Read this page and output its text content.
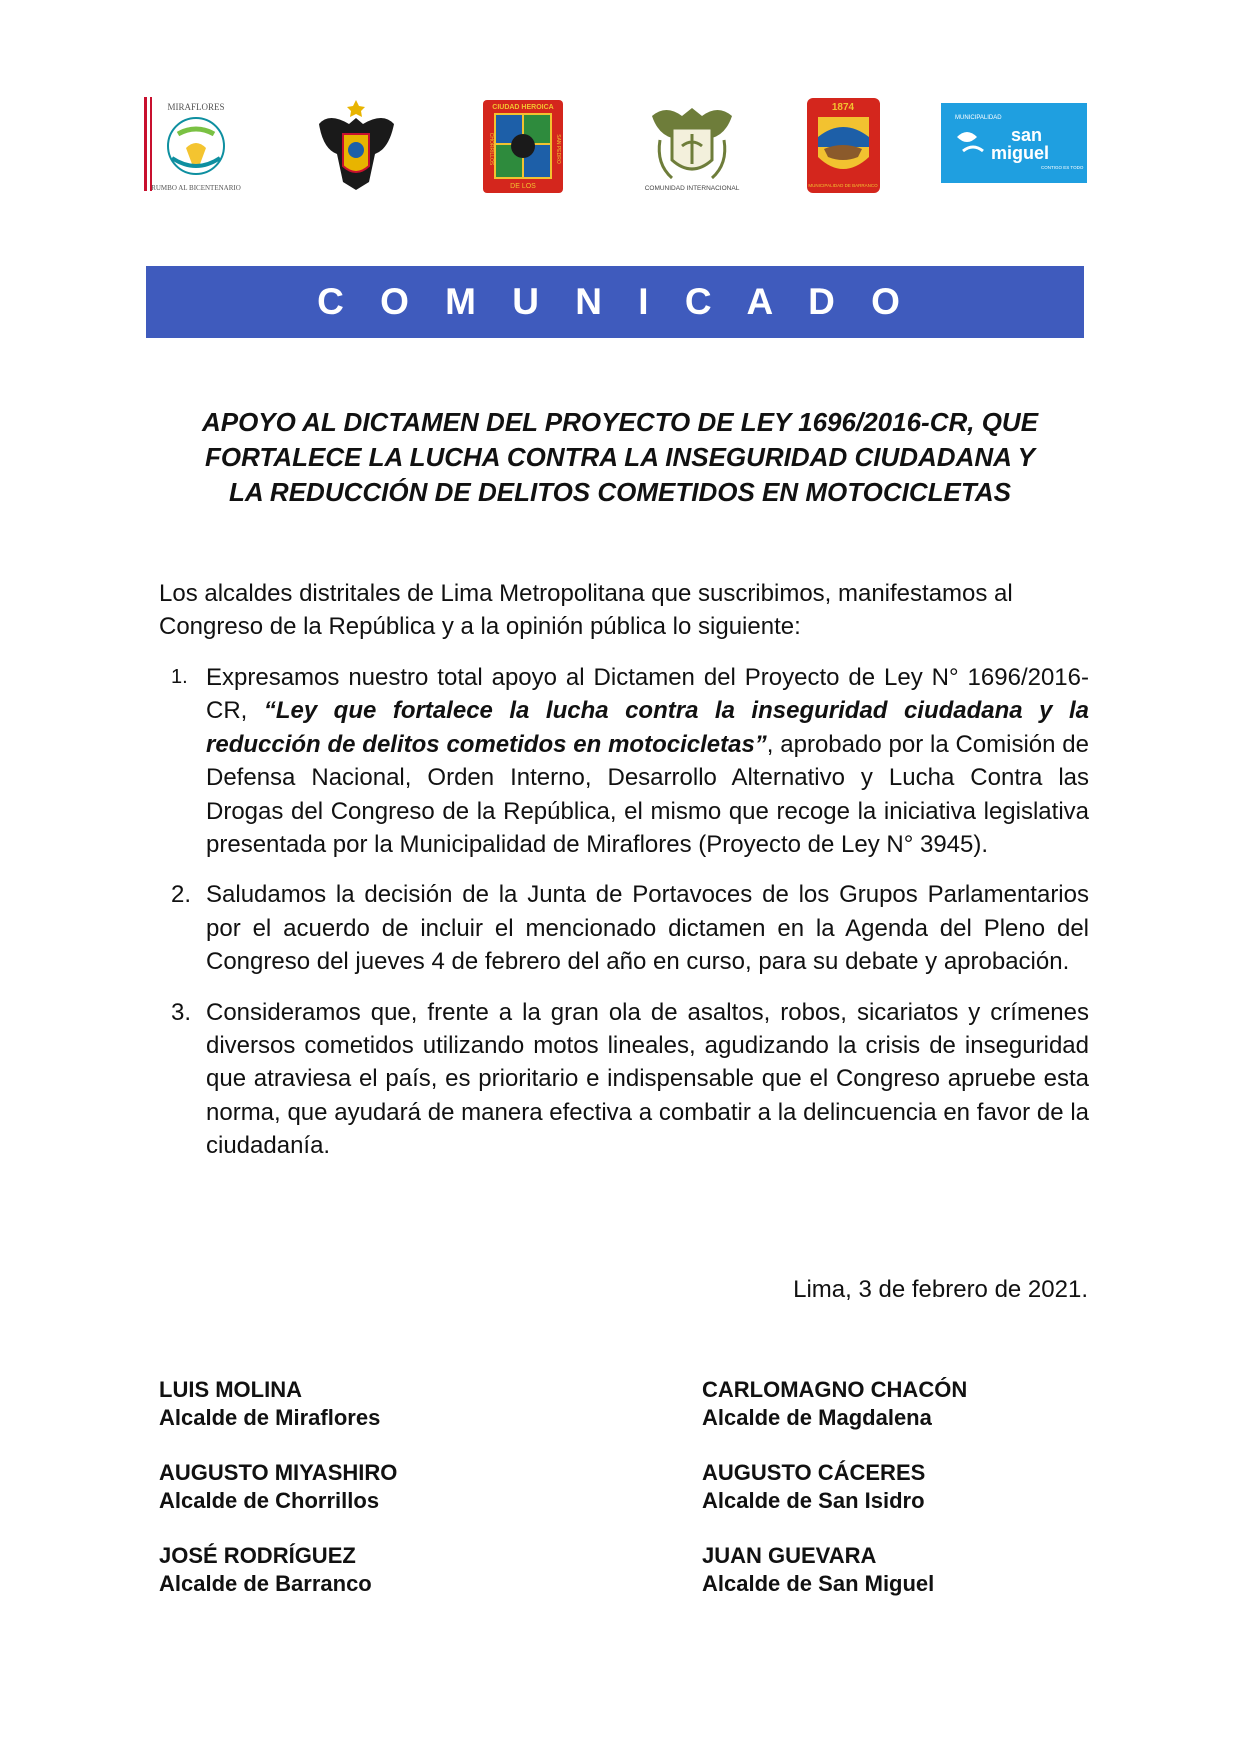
MIRAFLORES
RUMBO AL BICENTENARIO
CIUDAD HEROICA
CHORRILLOS	SAN PEDRO
DE LOS	COMUNIDAD INTERNACIONAL
1874
MUNICIPALIDAD DE BARRANCO
MUNICIPALIDAD
san
miguel
CONTIGO ES TODO
C O M U N I C A D O
APOYO AL DICTAMEN DEL PROYECTO DE LEY 1696/2016-CR, QUE
FORTALECE LA LUCHA CONTRA LA INSEGURIDAD CIUDADANA Y
LA REDUCCIÓN DE DELITOS COMETIDOS EN MOTOCICLETAS
Los alcaldes distritales de Lima Metropolitana que suscribimos, manifestamos al Congreso de la República y a la opinión pública lo siguiente:
1. Expresamos nuestro total apoyo al Dictamen del Proyecto de Ley N° 1696/2016-CR, “Ley que fortalece la lucha contra la inseguridad ciudadana y la reducción de delitos cometidos en motocicletas”, aprobado por la Comisión de Defensa Nacional, Orden Interno, Desarrollo Alternativo y Lucha Contra las Drogas del Congreso de la República, el mismo que recoge la iniciativa legislativa presentada por la Municipalidad de Miraflores (Proyecto de Ley N° 3945).
2. Saludamos la decisión de la Junta de Portavoces de los Grupos Parlamentarios por el acuerdo de incluir el mencionado dictamen en la Agenda del Pleno del Congreso del jueves 4 de febrero del año en curso, para su debate y aprobación.
3. Consideramos que, frente a la gran ola de asaltos, robos, sicariatos y crímenes diversos cometidos utilizando motos lineales, agudizando la crisis de inseguridad que atraviesa el país, es prioritario e indispensable que el Congreso apruebe esta norma, que ayudará de manera efectiva a combatir a la delincuencia en favor de la ciudadanía.
Lima, 3 de febrero de 2021.
LUIS MOLINA
Alcalde de Miraflores
CARLOMAGNO CHACÓN
Alcalde de Magdalena
AUGUSTO MIYASHIRO
Alcalde de Chorrillos
AUGUSTO CÁCERES
Alcalde de San Isidro
JOSÉ RODRÍGUEZ
Alcalde de Barranco
JUAN GUEVARA
Alcalde de San Miguel
